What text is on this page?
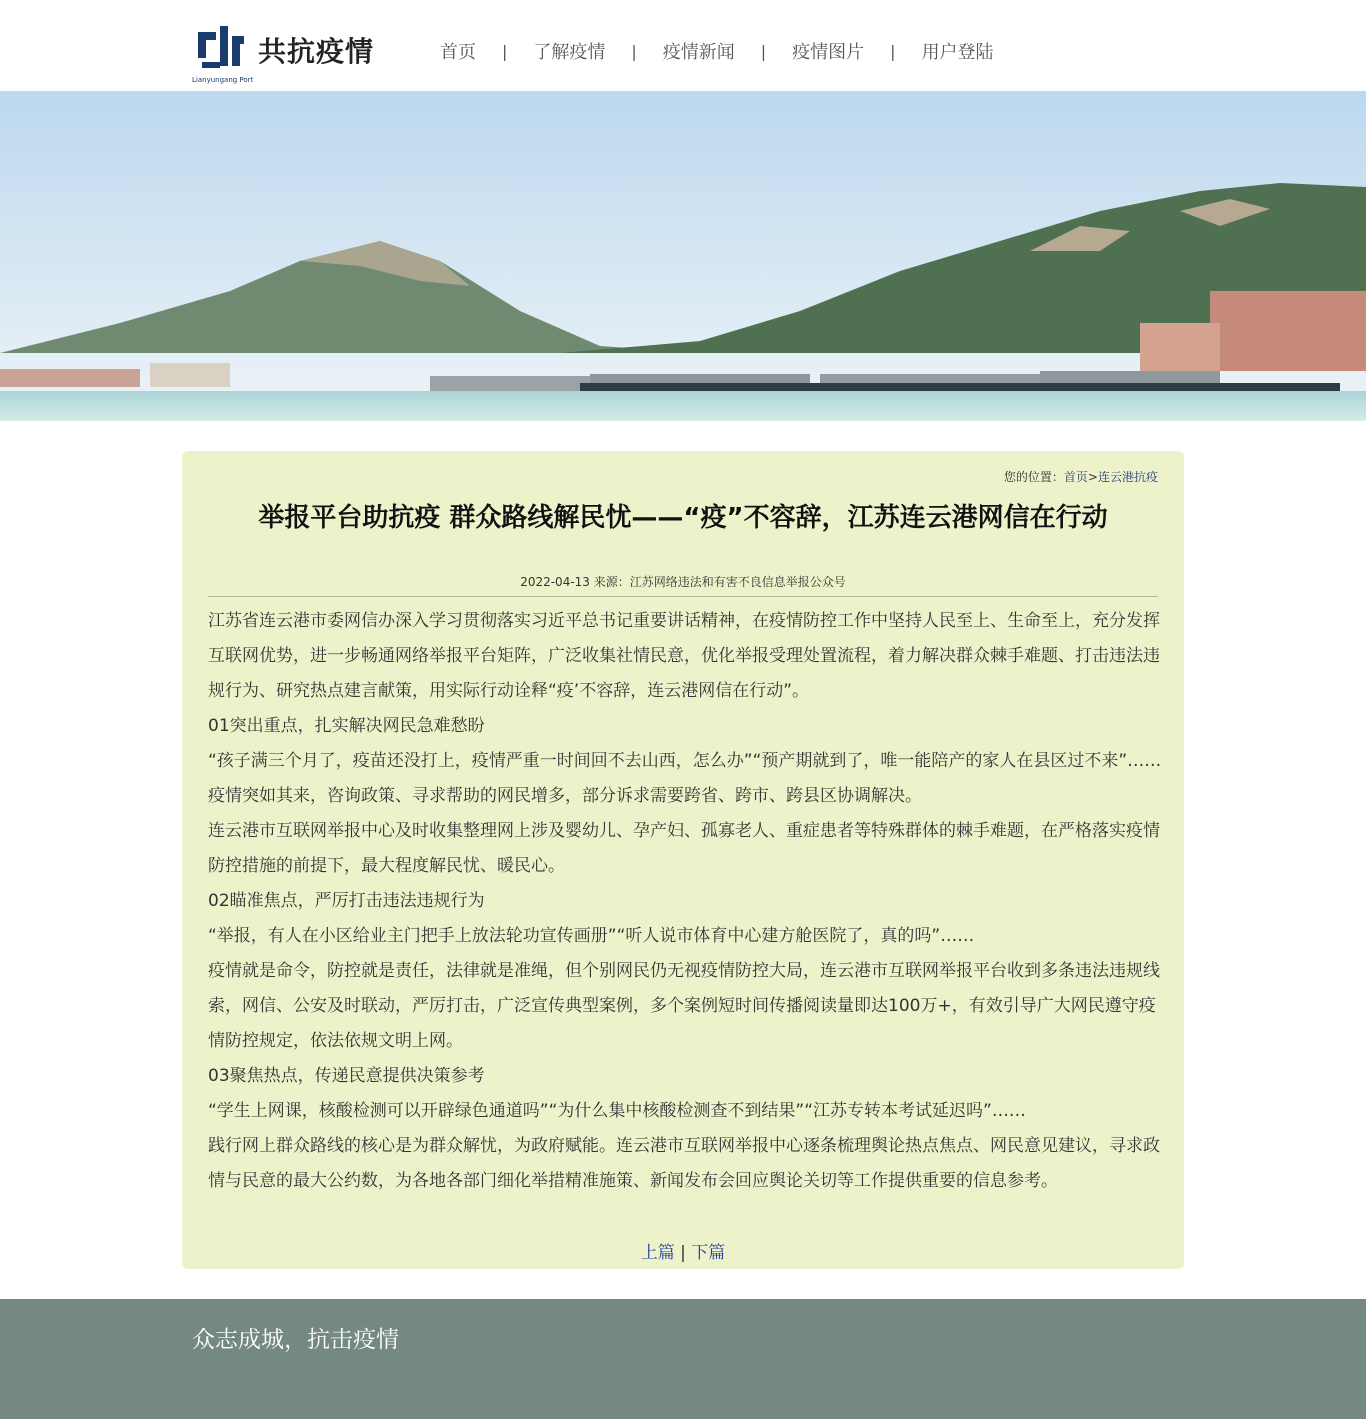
共抗疫情
Lianyungang Port
首页 | 了解疫情 | 疫情新闻 | 疫情图片 | 用户登陆
您的位置：首页>连云港抗疫
举报平台助抗疫 群众路线解民忧——“疫”不容辞，江苏连云港网信在行动
2022-04-13 来源：江苏网络违法和有害不良信息举报公众号

江苏省连云港市委网信办深入学习贯彻落实习近平总书记重要讲话精神，在疫情防控工作中坚持人民至上、生命至上，充分发挥互联网优势，进一步畅通网络举报平台矩阵，广泛收集社情民意，优化举报受理处置流程，着力解决群众棘手难题、打击违法违规行为、研究热点建言献策，用实际行动诠释“疫’不容辞，连云港网信在行动”。

01突出重点，扎实解决网民急难愁盼

“孩子满三个月了，疫苗还没打上，疫情严重一时间回不去山西，怎么办”“预产期就到了，唯一能陪产的家人在县区过不来”……疫情突如其来，咨询政策、寻求帮助的网民增多，部分诉求需要跨省、跨市、跨县区协调解决。

连云港市互联网举报中心及时收集整理网上涉及婴幼儿、孕产妇、孤寡老人、重症患者等特殊群体的棘手难题，在严格落实疫情防控措施的前提下，最大程度解民忧、暖民心。

02瞄准焦点，严厉打击违法违规行为

“举报，有人在小区给业主门把手上放法轮功宣传画册”“听人说市体育中心建方舱医院了，真的吗”……

疫情就是命令，防控就是责任，法律就是准绳，但个别网民仍无视疫情防控大局，连云港市互联网举报平台收到多条违法违规线索，网信、公安及时联动，严厉打击，广泛宣传典型案例，多个案例短时间传播阅读量即达100万+，有效引导广大网民遵守疫情防控规定，依法依规文明上网。

03聚焦热点，传递民意提供决策参考

“学生上网课，核酸检测可以开辟绿色通道吗”“为什么集中核酸检测查不到结果”“江苏专转本考试延迟吗”……

践行网上群众路线的核心是为群众解忧，为政府赋能。连云港市互联网举报中心逐条梳理舆论热点焦点、网民意见建议，寻求政情与民意的最大公约数，为各地各部门细化举措精准施策、新闻发布会回应舆论关切等工作提供重要的信息参考。

上篇 | 下篇
众志成城，抗击疫情
